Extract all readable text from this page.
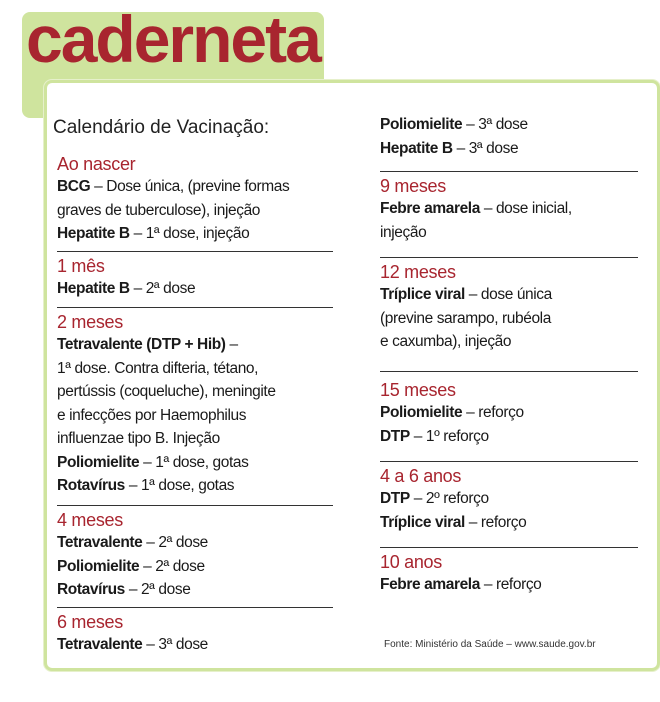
caderneta

Calendário de Vacinação:

Ao nascer

BCG – Dose única, (previne formas

graves de tuberculose), injeção

Hepatite B – 1ª dose, injeção

1 mês

Hepatite B – 2ª dose

2 meses

Tetravalente (DTP + Hib) –

1ª dose. Contra difteria, tétano,

pertússis (coqueluche), meningite

e infecções por Haemophilus

influenzae tipo B. Injeção

Poliomielite – 1ª dose, gotas

Rotavírus – 1ª dose, gotas

4 meses

Tetravalente – 2ª dose

Poliomielite – 2ª dose

Rotavírus – 2ª dose

6 meses

Tetravalente – 3ª dose

Poliomielite – 3ª dose

Hepatite B – 3ª dose

9 meses

Febre amarela – dose inicial,

injeção

12 meses

Tríplice viral – dose única

(previne sarampo, rubéola

e caxumba), injeção

15 meses

Poliomielite – reforço

DTP – 1º reforço

4 a 6 anos

DTP – 2º reforço

Tríplice viral – reforço

10 anos

Febre amarela – reforço

Fonte: Ministério da Saúde – www.saude.gov.br
